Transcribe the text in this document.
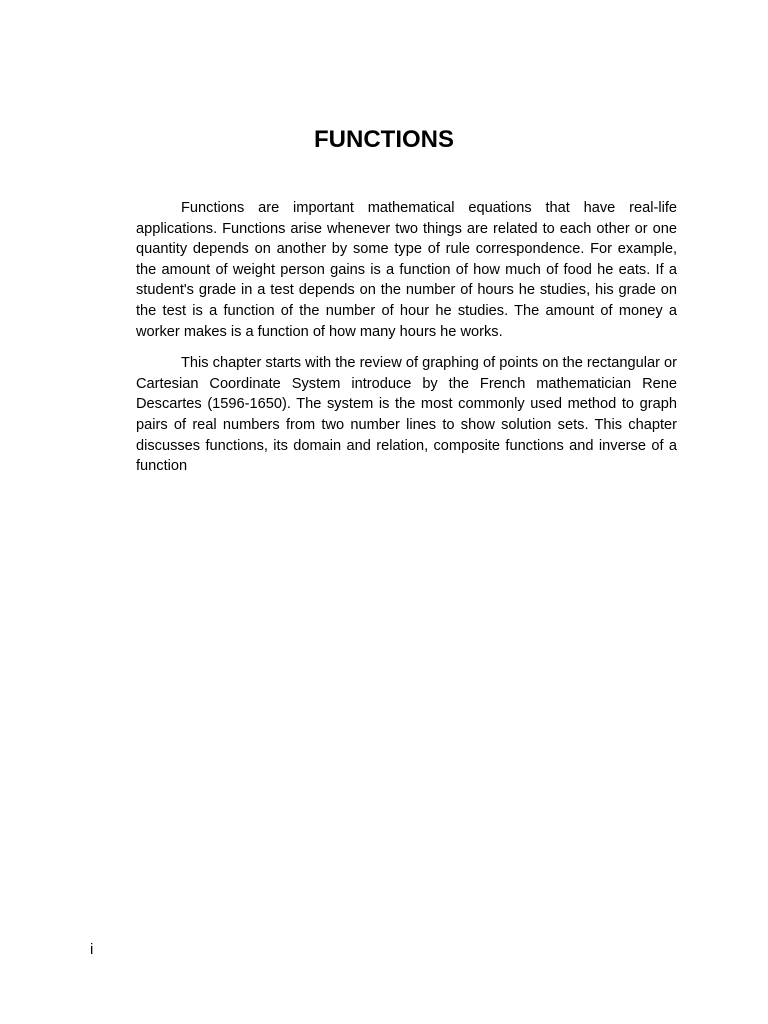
FUNCTIONS

Functions are important mathematical equations that have real-life applications. Functions arise whenever two things are related to each other or one quantity depends on another by some type of rule correspondence. For example, the amount of weight person gains is a function of how much of food he eats. If a student's grade in a test depends on the number of hours he studies, his grade on the test is a function of the number of hour he studies. The amount of money a worker makes is a function of how many hours he works.

This chapter starts with the review of graphing of points on the rectangular or Cartesian Coordinate System introduce by the French mathematician Rene Descartes (1596-1650). The system is the most commonly used method to graph pairs of real numbers from two number lines to show solution sets. This chapter discusses functions, its domain and relation, composite functions and inverse of a function

i
